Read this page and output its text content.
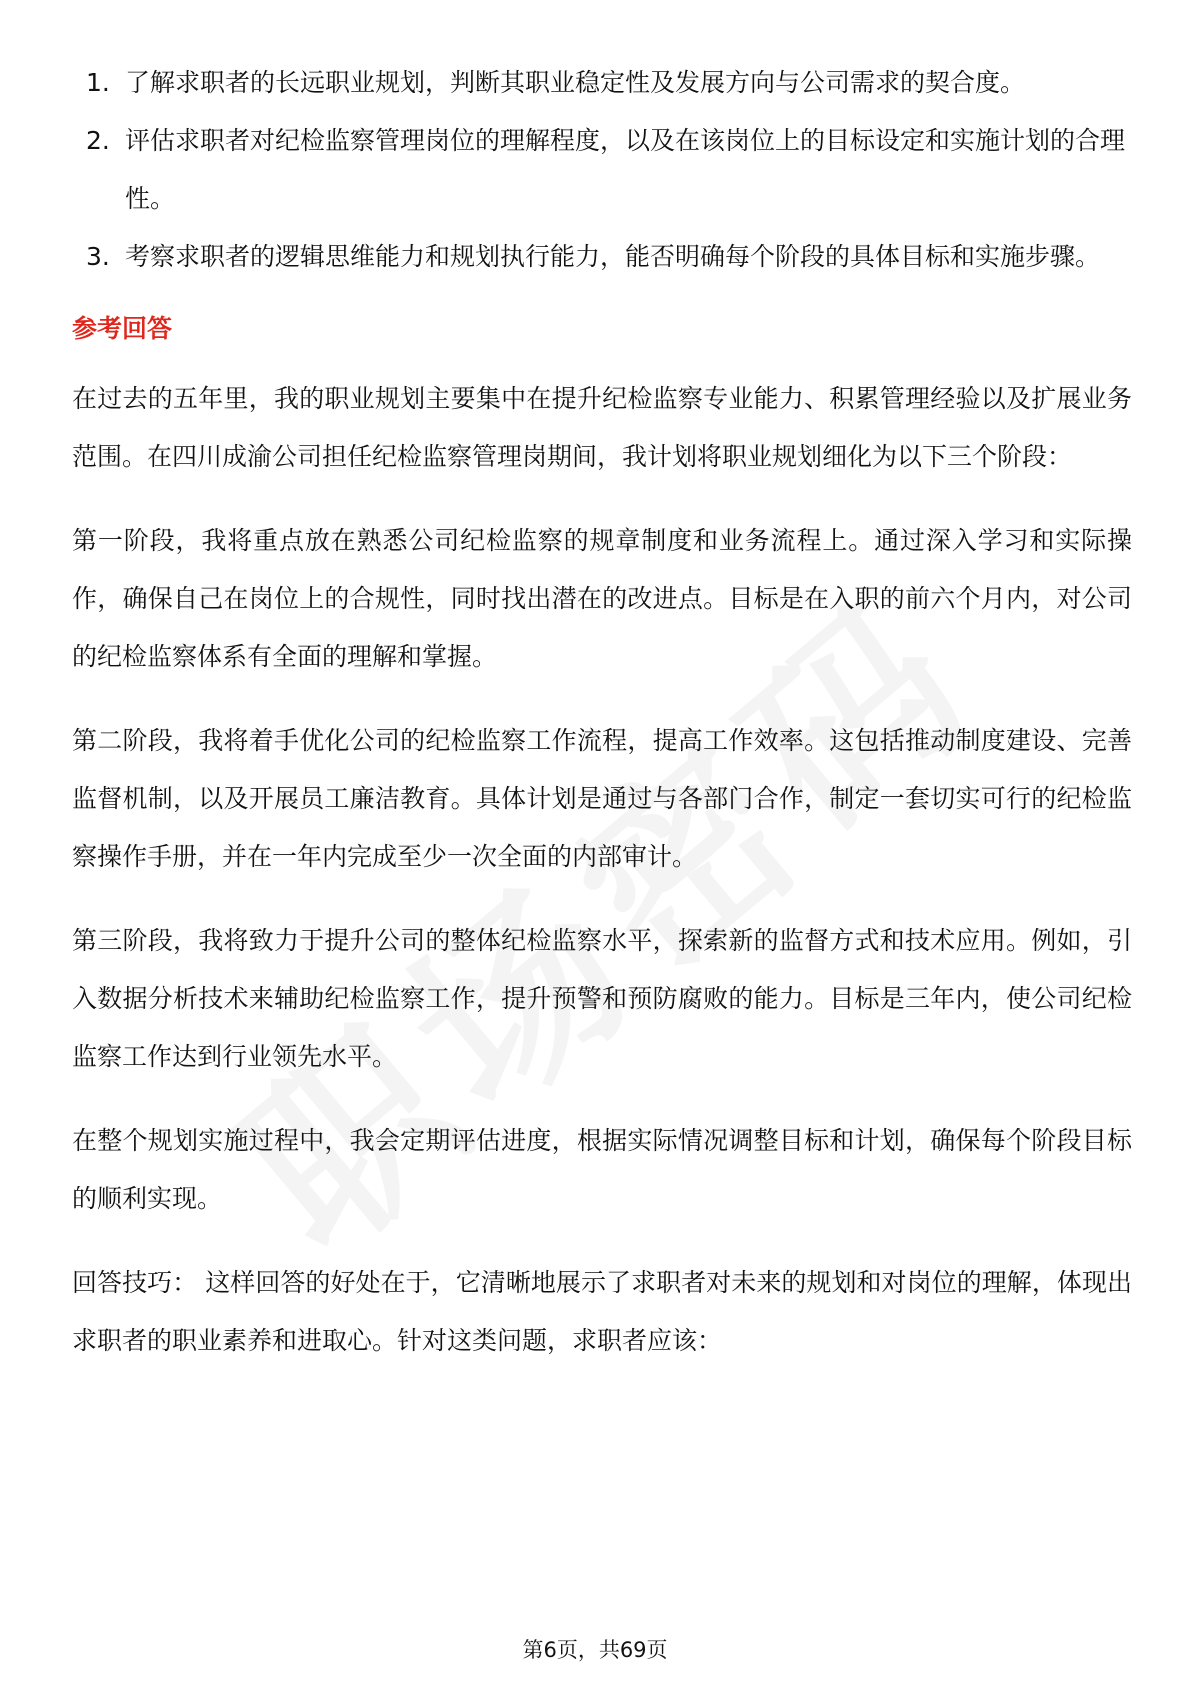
1. 了解求职者的长远职业规划，判断其职业稳定性及发展方向与公司需求的契合度。
2. 评估求职者对纪检监察管理岗位的理解程度，以及在该岗位上的目标设定和实施计划的合理性。
3. 考察求职者的逻辑思维能力和规划执行能力，能否明确每个阶段的具体目标和实施步骤。
参考回答

在过去的五年里，我的职业规划主要集中在提升纪检监察专业能力、积累管理经验以及扩展业务范围。在四川成渝公司担任纪检监察管理岗期间，我计划将职业规划细化为以下三个阶段：

第一阶段，我将重点放在熟悉公司纪检监察的规章制度和业务流程上。通过深入学习和实际操作，确保自己在岗位上的合规性，同时找出潜在的改进点。目标是在入职的前六个月内，对公司的纪检监察体系有全面的理解和掌握。

第二阶段，我将着手优化公司的纪检监察工作流程，提高工作效率。这包括推动制度建设、完善监督机制，以及开展员工廉洁教育。具体计划是通过与各部门合作，制定一套切实可行的纪检监察操作手册，并在一年内完成至少一次全面的内部审计。

第三阶段，我将致力于提升公司的整体纪检监察水平，探索新的监督方式和技术应用。例如，引入数据分析技术来辅助纪检监察工作，提升预警和预防腐败的能力。目标是三年内，使公司纪检监察工作达到行业领先水平。

在整个规划实施过程中，我会定期评估进度，根据实际情况调整目标和计划，确保每个阶段目标的顺利实现。

回答技巧： 这样回答的好处在于，它清晰地展示了求职者对未来的规划和对岗位的理解，体现出求职者的职业素养和进取心。针对这类问题，求职者应该：

第6页，共69页
